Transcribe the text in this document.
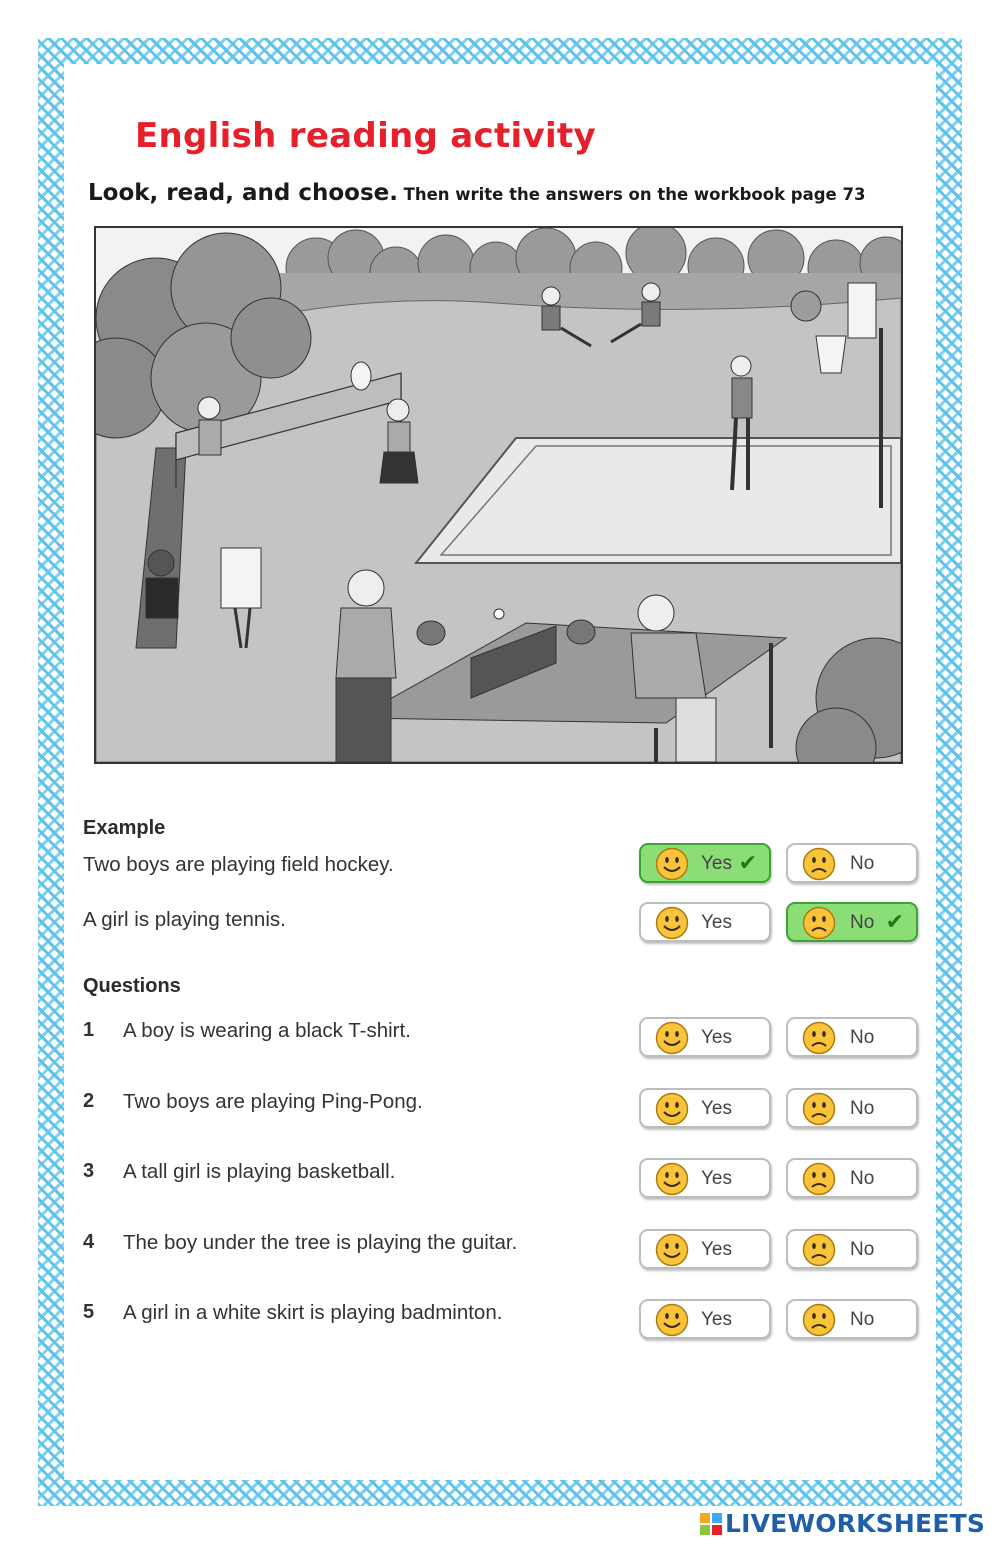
English reading activity
Look, read, and choose. Then write the answers on the workbook page 73
Example
Two boys are playing field hockey.	Yes ✔	No
A girl is playing tennis.	Yes	No ✔
Questions
1 A boy is wearing a black T-shirt.	Yes	No
2 Two boys are playing Ping-Pong.	Yes	No
3 A tall girl is playing basketball.	Yes	No
4 The boy under the tree is playing the guitar.	Yes	No
5 A girl in a white skirt is playing badminton.	Yes	No
LIVEWORKSHEETS
